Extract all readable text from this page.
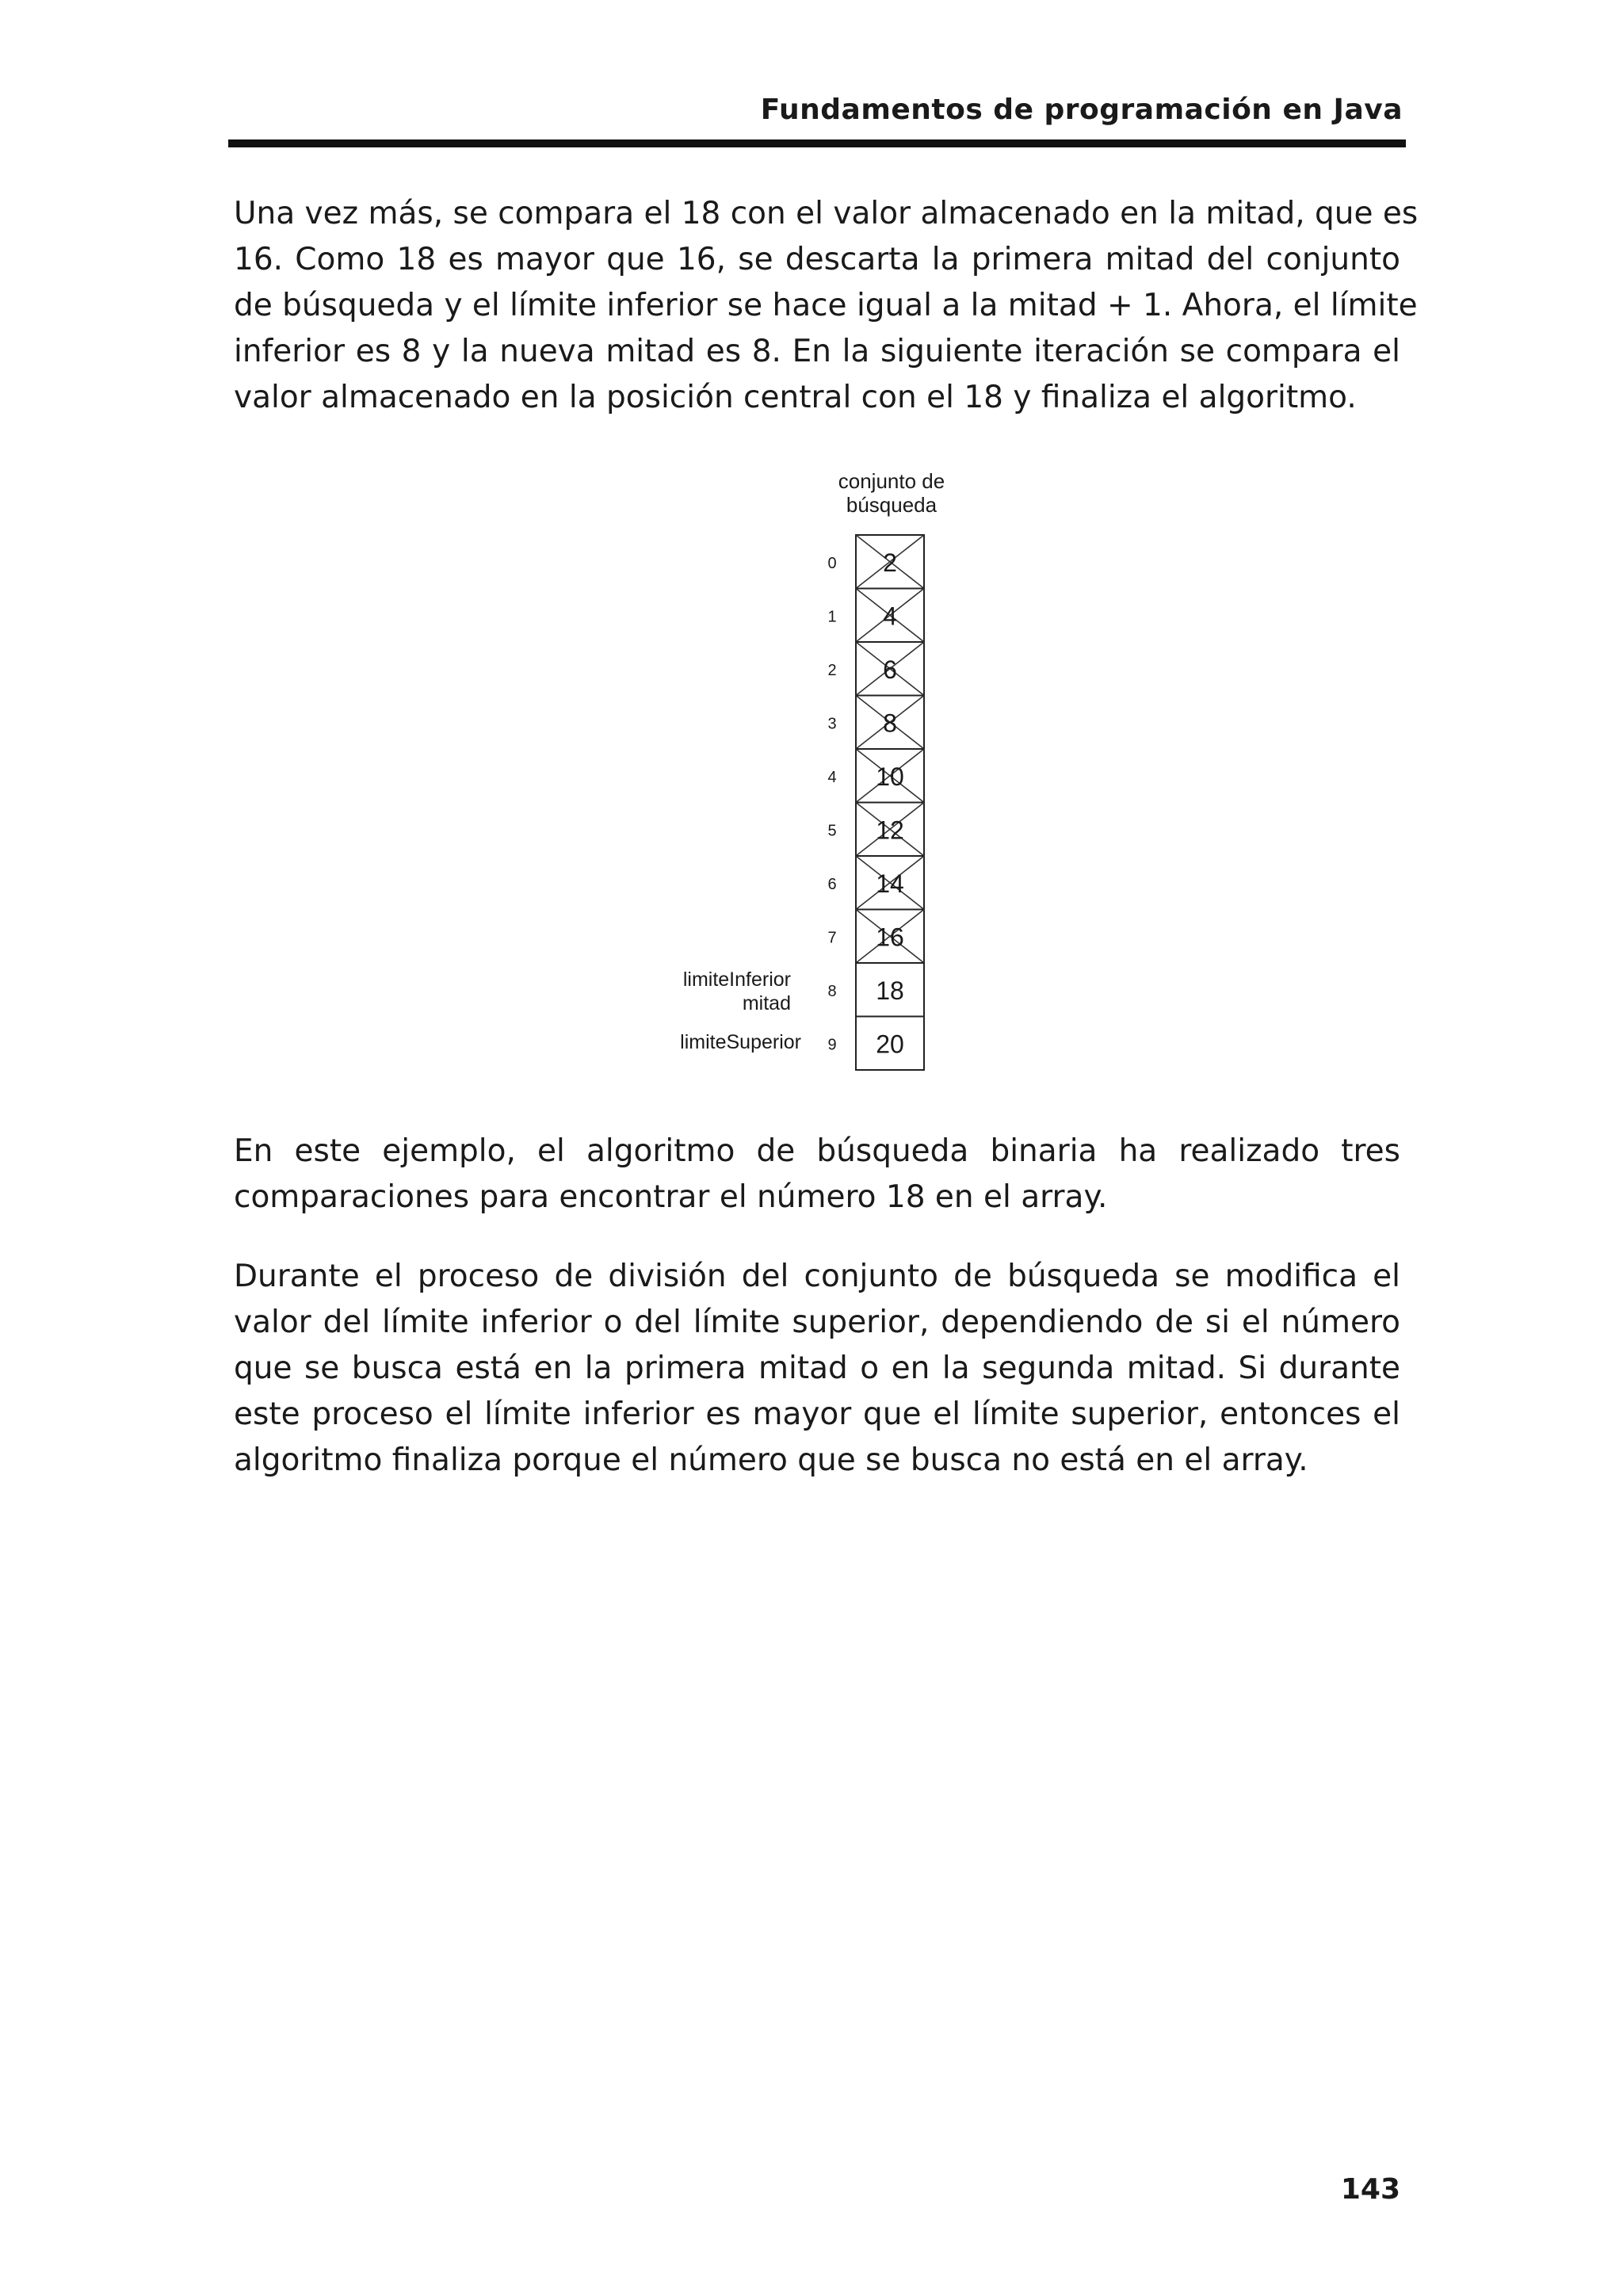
Fundamentos de programación en Java
Una vez más, se compara el 18 con el valor almacenado en la mitad, que es
16. Como 18 es mayor que 16, se descarta la primera mitad del conjunto
de búsqueda y el límite inferior se hace igual a la mitad + 1. Ahora, el límite
inferior es 8 y la nueva mitad es 8. En la siguiente iteración se compara el
valor almacenado en la posición central con el 18 y finaliza el algoritmo.
conjunto de
búsqueda
2
0
4
1
6
2
8
3
10
4
12
5
14
6
16
7
18
8
20
9
limiteInferior
mitad
limiteSuperior
En este ejemplo, el algoritmo de búsqueda binaria ha realizado tres
comparaciones para encontrar el número 18 en el array.
Durante el proceso de división del conjunto de búsqueda se modifica el
valor del límite inferior o del límite superior, dependiendo de si el número
que se busca está en la primera mitad o en la segunda mitad. Si durante
este proceso el límite inferior es mayor que el límite superior, entonces el
algoritmo finaliza porque el número que se busca no está en el array.
143
